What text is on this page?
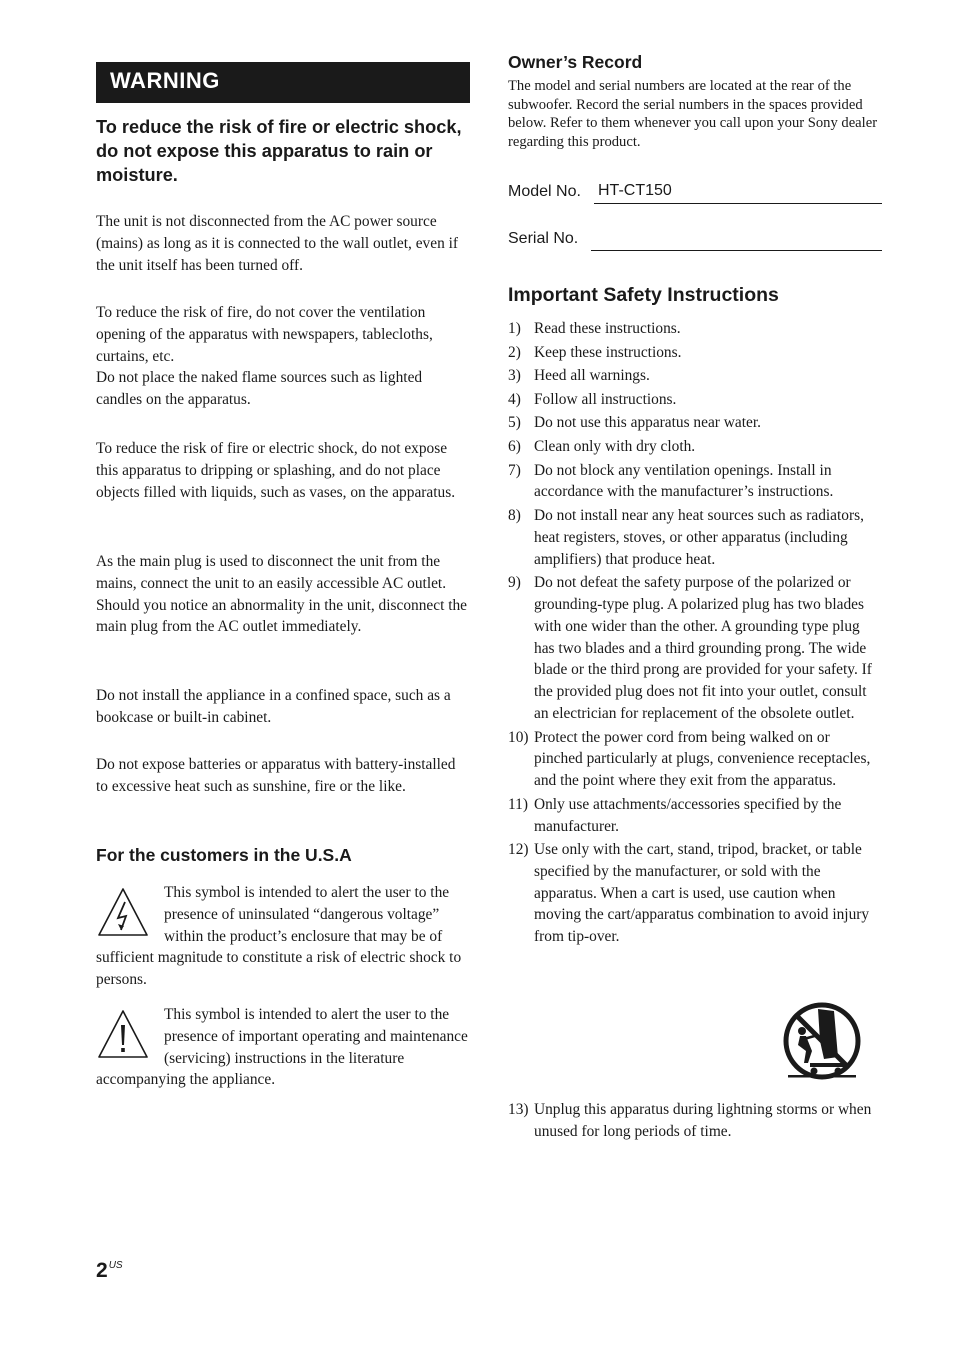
WARNING
To reduce the risk of fire or electric shock, do not expose this apparatus to rain or moisture.

The unit is not disconnected from the AC power source (mains) as long as it is connected to the wall outlet, even if the unit itself has been turned off.

To reduce the risk of fire, do not cover the ventilation opening of the apparatus with newspapers, tablecloths, curtains, etc.
Do not place the naked flame sources such as lighted candles on the apparatus.

To reduce the risk of fire or electric shock, do not expose this apparatus to dripping or splashing, and do not place objects filled with liquids, such as vases, on the apparatus.

As the main plug is used to disconnect the unit from the mains, connect the unit to an easily accessible AC outlet. Should you notice an abnormality in the unit, disconnect the main plug from the AC outlet immediately.

Do not install the appliance in a confined space, such as a bookcase or built-in cabinet.

Do not expose batteries or apparatus with battery-installed to excessive heat such as sunshine, fire or the like.

For the customers in the U.S.A
This symbol is intended to alert the user to the presence of uninsulated “dangerous voltage” within the product’s enclosure that may be of sufficient magnitude to constitute a risk of electric shock to persons.
This symbol is intended to alert the user to the presence of important operating and maintenance (servicing) instructions in the literature accompanying the appliance.
Owner’s Record

The model and serial numbers are located at the rear of the subwoofer. Record the serial numbers in the spaces provided below. Refer to them whenever you call upon your Sony dealer regarding this product.

Model No. HT-CT150
Serial No.
Important Safety Instructions
1) Read these instructions.
2) Keep these instructions.
3) Heed all warnings.
4) Follow all instructions.
5) Do not use this apparatus near water.
6) Clean only with dry cloth.
7) Do not block any ventilation openings. Install in accordance with the manufacturer’s instructions.
8) Do not install near any heat sources such as radiators, heat registers, stoves, or other apparatus (including amplifiers) that produce heat.
9) Do not defeat the safety purpose of the polarized or grounding-type plug. A polarized plug has two blades with one wider than the other. A grounding type plug has two blades and a third grounding prong. The wide blade or the third prong are provided for your safety. If the provided plug does not fit into your outlet, consult an electrician for replacement of the obsolete outlet.
10) Protect the power cord from being walked on or pinched particularly at plugs, convenience receptacles, and the point where they exit from the apparatus.
11) Only use attachments/accessories specified by the manufacturer.
12) Use only with the cart, stand, tripod, bracket, or table specified by the manufacturer, or sold with the apparatus. When a cart is used, use caution when moving the cart/apparatus combination to avoid injury from tip-over.

13) Unplug this apparatus during lightning storms or when unused for long periods of time.

$2^{US}$
